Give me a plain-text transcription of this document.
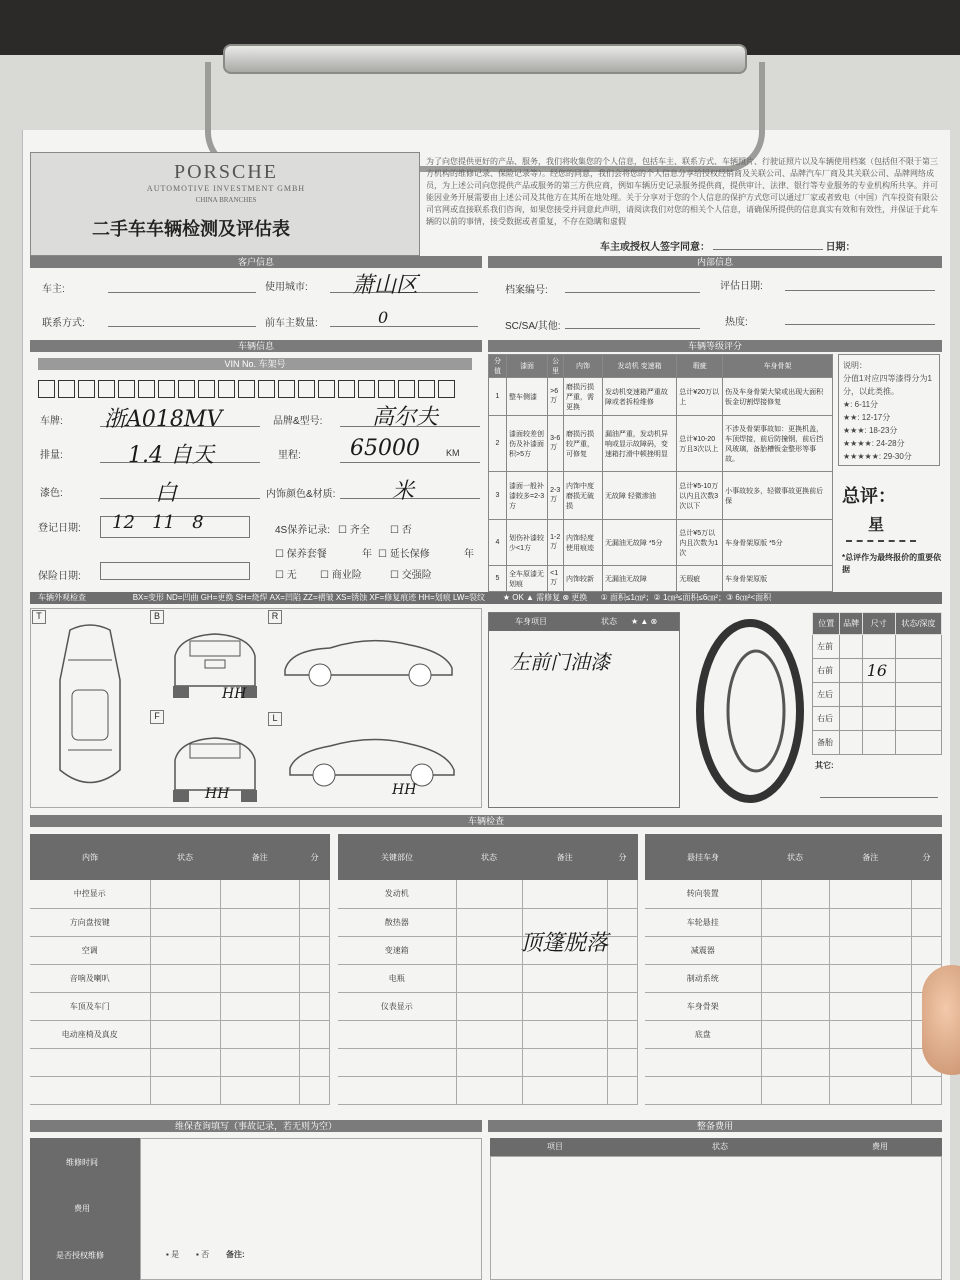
PORSCHE
AUTOMOTIVE INVESTMENT GMBH
CHINA BRANCHES
二手车车辆检测及评估表
为了向您提供更好的产品、服务，我们将收集您的个人信息，包括车主、联系方式、车辆照片、行驶证照片以及车辆使用档案（包括但不限于第三方机构的维修记录、保险记录等）。经您的同意，我们会将您的个人信息分享给授权经销商及关联公司、品牌汽车厂商及其关联公司、品牌网络成员，为上述公司向您提供产品或服务的第三方供应商，例如车辆历史记录服务提供商，提供审计、法律、银行等专业服务的专业机构所共享。并可能因业务开展需要由上述公司及其他方在其所在地处理。关于分享对于您的个人信息的保护方式您可以通过厂家或者致电（中国）汽车投资有限公司官网或直接联系我们咨询，如果您接受并同意此声明，请阅读我们对您的相关个人信息，请确保所提供的信息真实有效和有效性，并保证于此车辆的以前的事情，接受数据或者重复，不存在隐瞒和虚假
车主或授权人签字同意：	日期：
客户信息	内部信息
车主:	使用城市: 萧山区
联系方式:	前车主数量:	0
档案编号:	评估日期:
SC/SA/其他:	热度:
车辆信息	车辆等级评分
VIN No. 车架号
车牌: 浙A018MV	品牌&型号: 高尔夫
排量:	1.4 自天	里程: 65000	KM
漆色:	白	内饰颜色&材质:	米
登记日期: 12   11   8	4S保养记录: ☐ 齐全 ☐ 否
☐ 保养套餐	年 ☐ 延长保修	年
保险日期:	☐ 无 ☐ 商业险	☐ 交强险
分值	漆面	公里	内饰	发动机 变速箱	瑕疵	车身骨架
1	整车侧漆	>6万	磨损污损严重，需更换	发动机变速箱严重故障或者拆检维修	总计¥20万以上	伤及车身骨架大梁或出现大面积钣金切割焊接修复
2	漆面较差创伤及补漆面积>5方	3-6万	磨损污损较严重，可修复	漏油严重，发动机异响或显示故障码，变速箱打滑中顿挫明显	总计¥10-20万且3次以上	不涉及骨架事故如：更换机盖，车顶焊接，前后防撞钢，前后挡风玻璃，备胎槽钣金整形等事故。
3	漆面一般补漆较多=2-3方	2-3万	内饰中度磨损无破损	无故障 轻微渗油	总计¥5-10万以内且次数3次以下	小事故较多，轻微事故更换前后保
4	划伤补漆较少<1方	1-2万	内饰轻度使用痕迹	无漏油无故障 *5分	总计¥5万以内且次数为1次	车身骨架原版 *5分
5	全车原漆无划痕	<1万	内饰较新	无漏油无故障	无瑕疵	车身骨架原版
说明：
分值1对应四等漆得分为1分，以此类推。
★: 6-11分
★★: 12-17分
★★★: 18-23分
★★★★: 24-28分
★★★★★: 29-30分
总评：
星
*总评作为最终报价的重要依据
车辆外观检查	BX=变形 ND=凹曲 GH=更换 SH=烧焊 AX=凹陷 ZZ=褶皱 XS=锈蚀 XF=修复痕迹 HH=划痕 LW=裂纹 ★ OK ▲ 需修复 ⊗ 更换 ① 面积≤1㎝²；② 1㎝²≤面积≤6㎝²；③ 6㎝²<面积
T	B	R
F	L
HH
HH	HH
车身项目	状态 ★ ▲ ⊗
左前门油漆
位置	品牌	尺寸	状态/深度
左前			
右前		16	
左后			
右后			
备胎			
其它:
车辆检查
内饰	状态	备注	分
中控显示			
方向盘按键			
空调			
音响及喇叭			
车顶及车门			
电动座椅及真皮			

关键部位	状态	备注	分
发动机			
散热器			
变速箱			
电瓶			
仪表显示			

顶篷脱落
悬挂车身	状态	备注	分
转向装置			
车轮悬挂			
减震器			
制动系统			
车身骨架			
底盘			

维保查询填写（事故记录，若无则为空）	整备费用
维修时间
费用
是否授权维修	▪ 是 ▪ 否 备注:
项目	状态	费用
